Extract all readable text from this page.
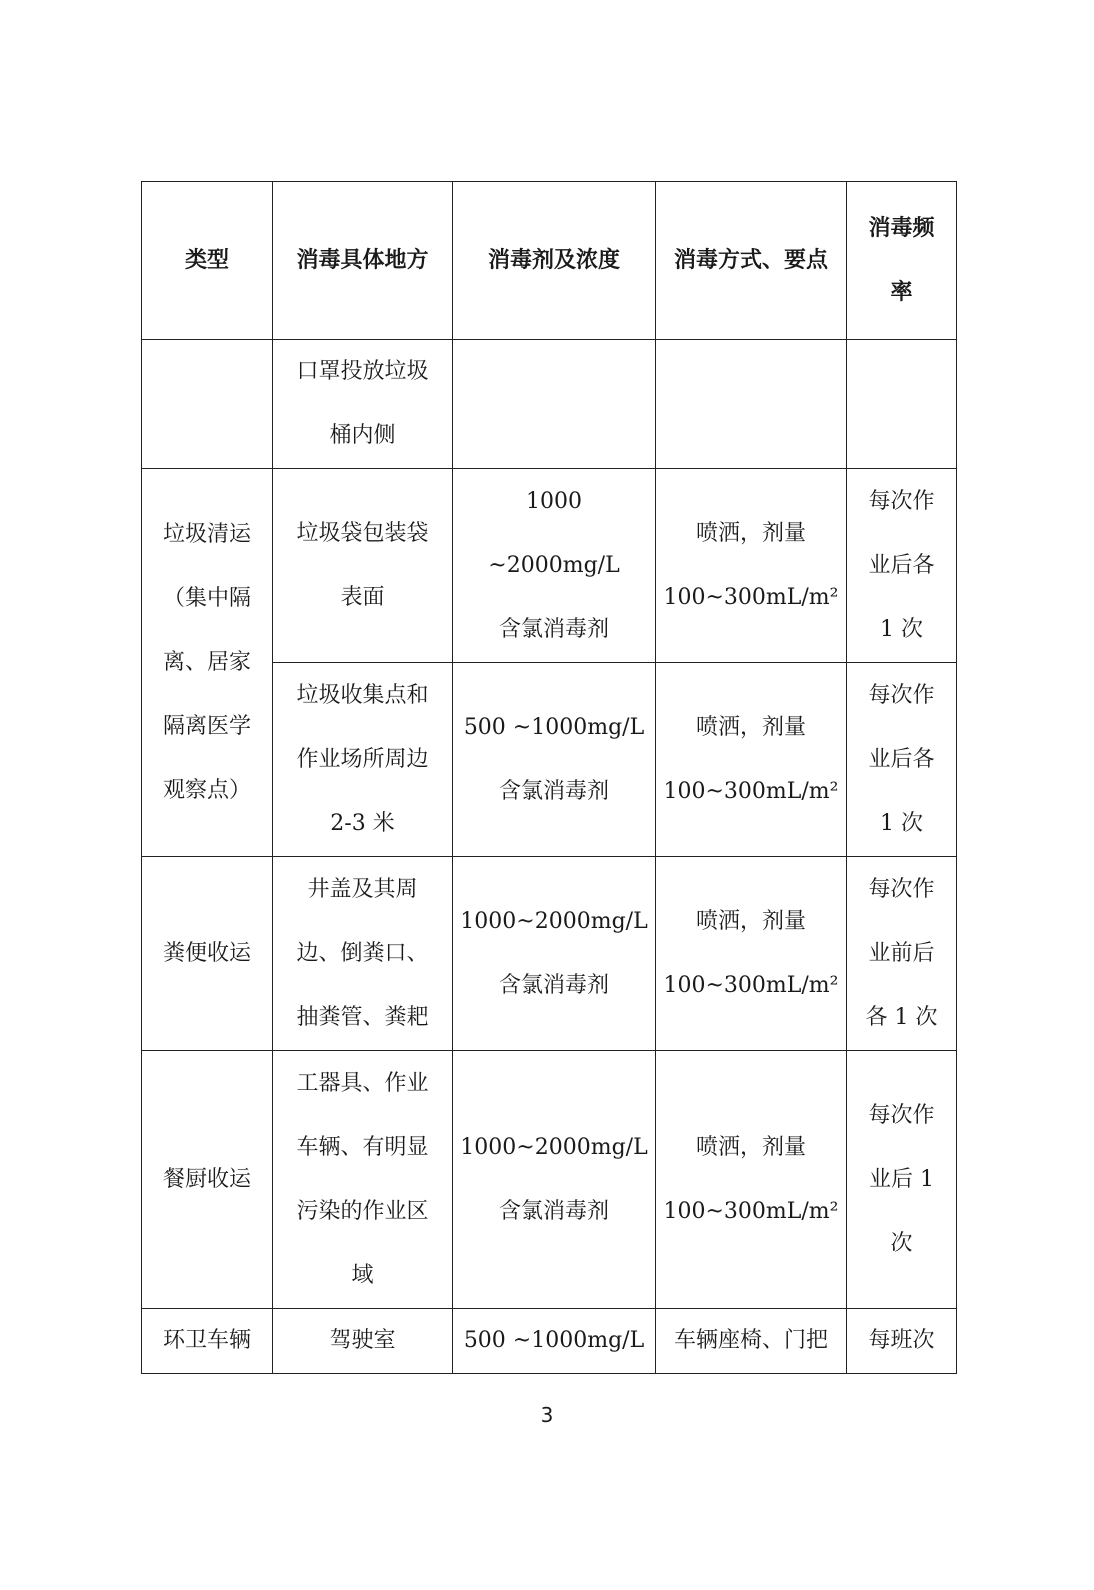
类型	消毒具体地方	消毒剂及浓度	消毒方式、要点	消毒频
率

	口罩投放垃圾
桶内侧			

垃圾清运
（集中隔
离、居家
隔离医学
观察点）	垃圾袋包装袋
表面	1000 ~2000mg/L
含氯消毒剂	喷洒，剂量
100~300mL/m²	每次作
业后各
1 次

	垃圾收集点和
作业场所周边
2-3 米	500 ~1000mg/L
含氯消毒剂	喷洒，剂量
100~300mL/m²	每次作
业后各
1 次

粪便收运	井盖及其周
边、倒粪口、
抽粪管、粪耙	1000~2000mg/L
含氯消毒剂	喷洒，剂量
100~300mL/m²	每次作
业前后
各 1 次

餐厨收运	工器具、作业
车辆、有明显
污染的作业区
域	1000~2000mg/L
含氯消毒剂	喷洒，剂量
100~300mL/m²	每次作
业后 1
次

环卫车辆	驾驶室	500 ~1000mg/L	车辆座椅、门把	每班次
3
